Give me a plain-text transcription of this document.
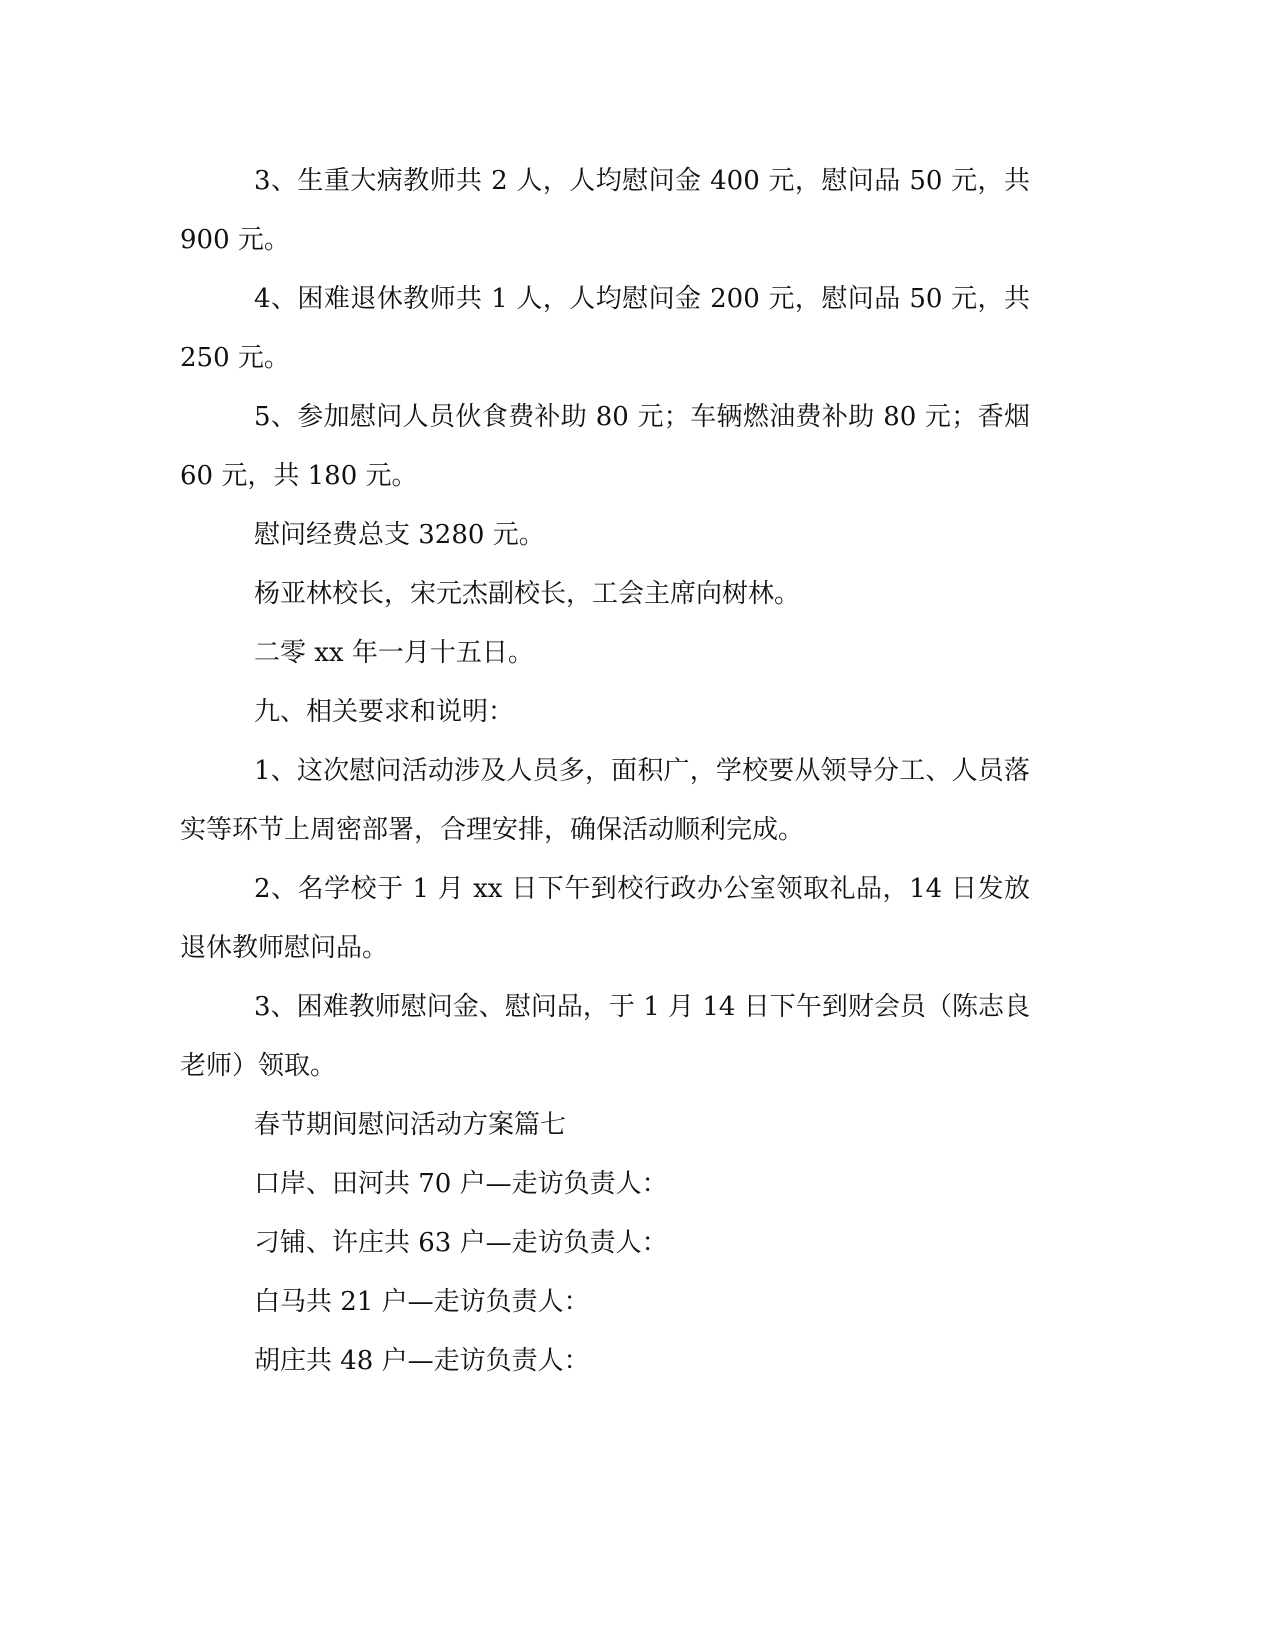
3、生重大病教师共 2 人，人均慰问金 400 元，慰问品 50 元，共 900 元。

4、困难退休教师共 1 人，人均慰问金 200 元，慰问品 50 元，共 250 元。

5、参加慰问人员伙食费补助 80 元；车辆燃油费补助 80 元；香烟 60 元，共 180 元。

慰问经费总支 3280 元。

杨亚林校长，宋元杰副校长，工会主席向树林。

二零 xx 年一月十五日。

九、相关要求和说明：

1、这次慰问活动涉及人员多，面积广，学校要从领导分工、人员落实等环节上周密部署，合理安排，确保活动顺利完成。

2、名学校于 1 月 xx 日下午到校行政办公室领取礼品，14 日发放退休教师慰问品。

3、困难教师慰问金、慰问品，于 1 月 14 日下午到财会员（陈志良老师）领取。

春节期间慰问活动方案篇七

口岸、田河共 70 户—走访负责人：

刁铺、许庄共 63 户—走访负责人：

白马共 21 户—走访负责人：

胡庄共 48 户—走访负责人：
